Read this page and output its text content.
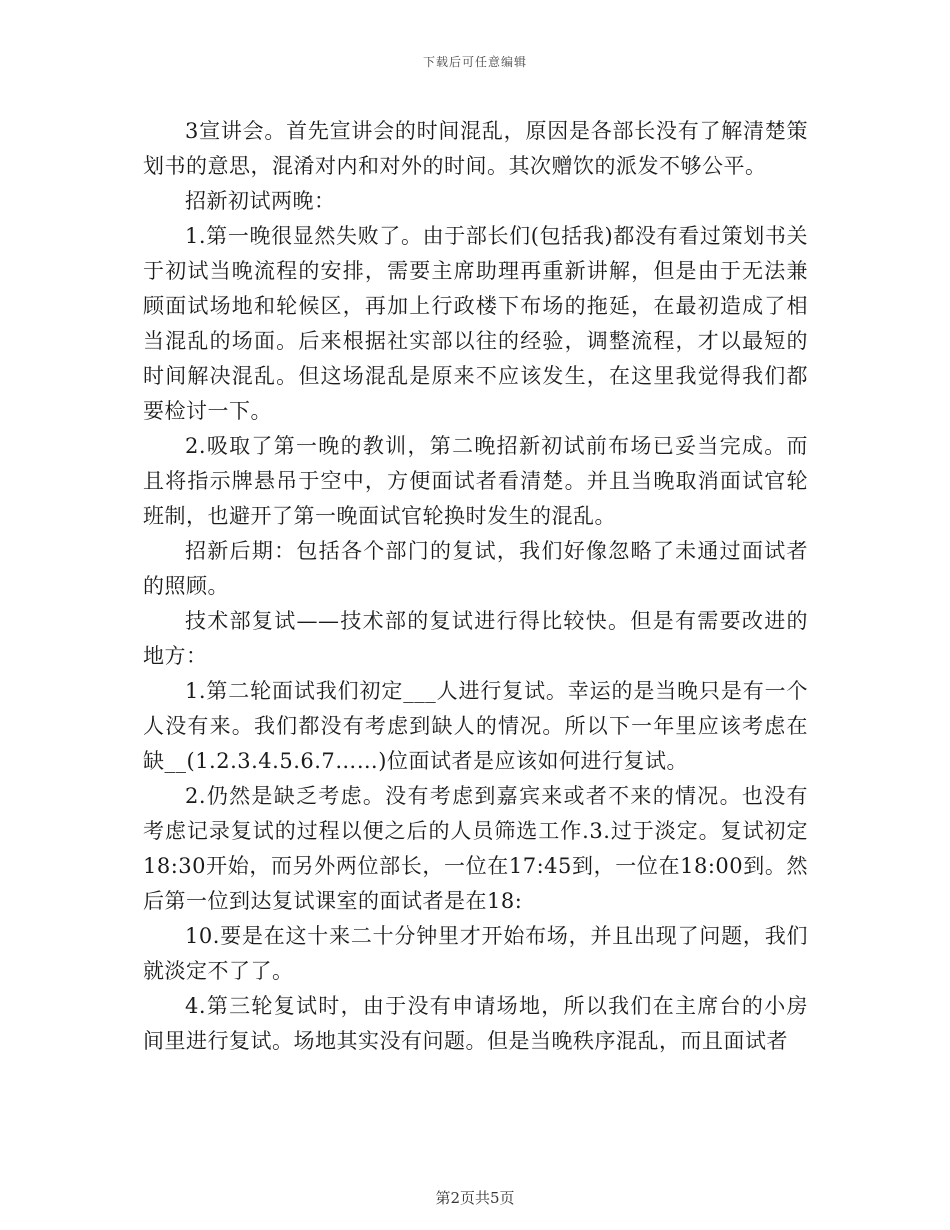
下载后可任意编辑

3宣讲会。首先宣讲会的时间混乱，原因是各部长没有了解清楚策划书的意思，混淆对内和对外的时间。其次赠饮的派发不够公平。

招新初试两晚：

1.第一晚很显然失败了。由于部长们(包括我)都没有看过策划书关于初试当晚流程的安排，需要主席助理再重新讲解，但是由于无法兼顾面试场地和轮候区，再加上行政楼下布场的拖延，在最初造成了相当混乱的场面。后来根据社实部以往的经验，调整流程，才以最短的时间解决混乱。但这场混乱是原来不应该发生，在这里我觉得我们都要检讨一下。

2.吸取了第一晚的教训，第二晚招新初试前布场已妥当完成。而且将指示牌悬吊于空中，方便面试者看清楚。并且当晚取消面试官轮班制，也避开了第一晚面试官轮换时发生的混乱。

招新后期：包括各个部门的复试，我们好像忽略了未通过面试者的照顾。

技术部复试——技术部的复试进行得比较快。但是有需要改进的地方：

1.第二轮面试我们初定___人进行复试。幸运的是当晚只是有一个人没有来。我们都没有考虑到缺人的情况。所以下一年里应该考虑在缺__(1.2.3.4.5.6.7……)位面试者是应该如何进行复试。

2.仍然是缺乏考虑。没有考虑到嘉宾来或者不来的情况。也没有考虑记录复试的过程以便之后的人员筛选工作.3.过于淡定。复试初定18:30开始，而另外两位部长，一位在17:45到，一位在18:00到。然后第一位到达复试课室的面试者是在18:

10.要是在这十来二十分钟里才开始布场，并且出现了问题，我们就淡定不了了。

4.第三轮复试时，由于没有申请场地，所以我们在主席台的小房间里进行复试。场地其实没有问题。但是当晚秩序混乱，而且面试者

第2页共5页
